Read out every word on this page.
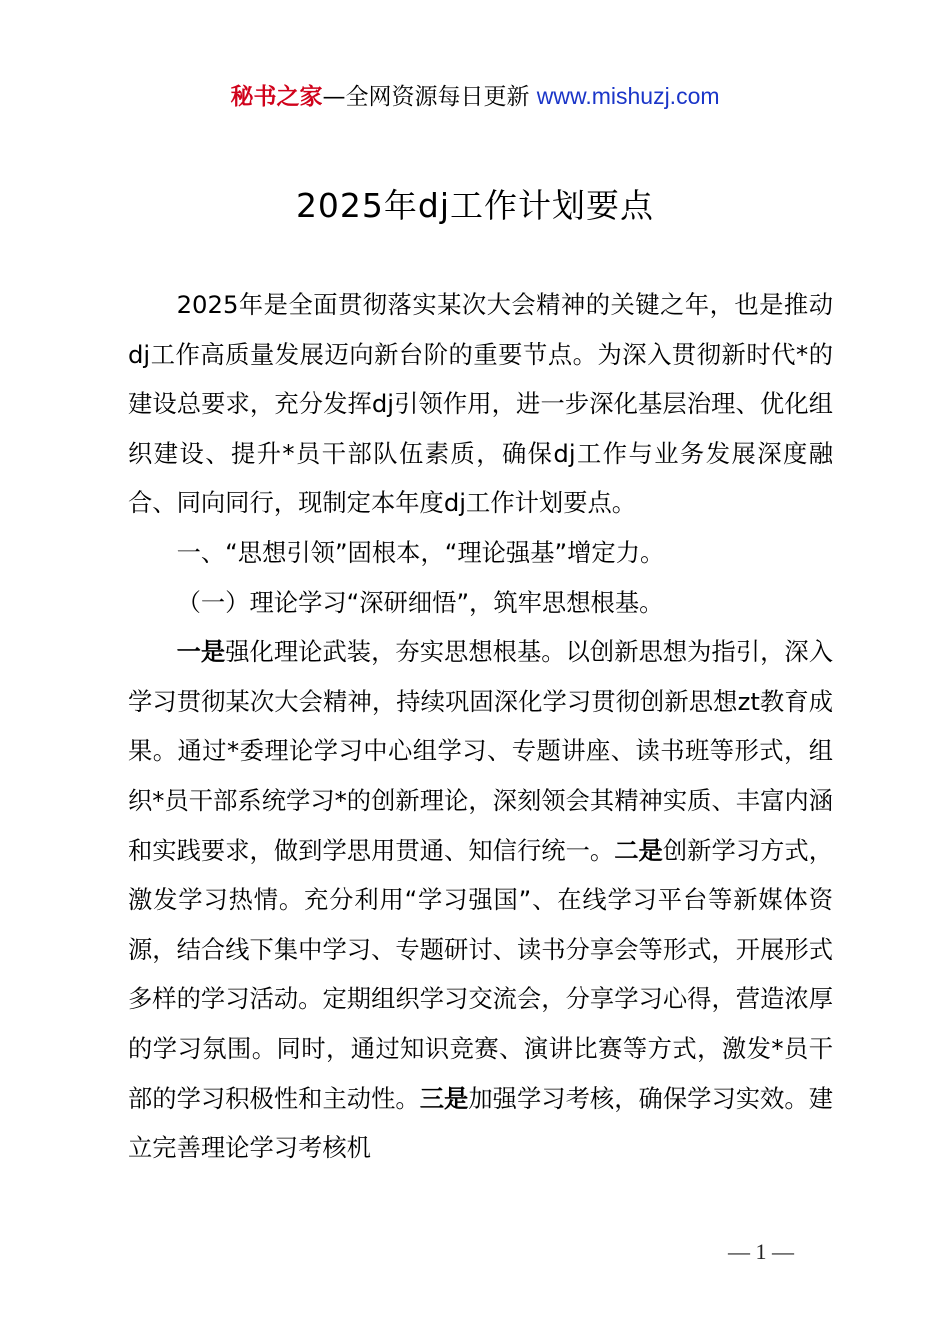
秘书之家—全网资源每日更新 www.mishuzj.com
2025年dj工作计划要点

2025年是全面贯彻落实某次大会精神的关键之年，也是推动dj工作高质量发展迈向新台阶的重要节点。为深入贯彻新时代*的建设总要求，充分发挥dj引领作用，进一步深化基层治理、优化组织建设、提升*员干部队伍素质，确保dj工作与业务发展深度融合、同向同行，现制定本年度dj工作计划要点。

一、“思想引领”固根本，“理论强基”增定力。

（一）理论学习“深研细悟”，筑牢思想根基。

一是强化理论武装，夯实思想根基。以创新思想为指引，深入学习贯彻某次大会精神，持续巩固深化学习贯彻创新思想zt教育成果。通过*委理论学习中心组学习、专题讲座、读书班等形式，组织*员干部系统学习*的创新理论，深刻领会其精神实质、丰富内涵和实践要求，做到学思用贯通、知信行统一。二是创新学习方式，激发学习热情。充分利用“学习强国”、在线学习平台等新媒体资源，结合线下集中学习、专题研讨、读书分享会等形式，开展形式多样的学习活动。定期组织学习交流会，分享学习心得，营造浓厚的学习氛围。同时，通过知识竞赛、演讲比赛等方式，激发*员干部的学习积极性和主动性。三是加强学习考核，确保学习实效。建立完善理论学习考核机

— 1 —
